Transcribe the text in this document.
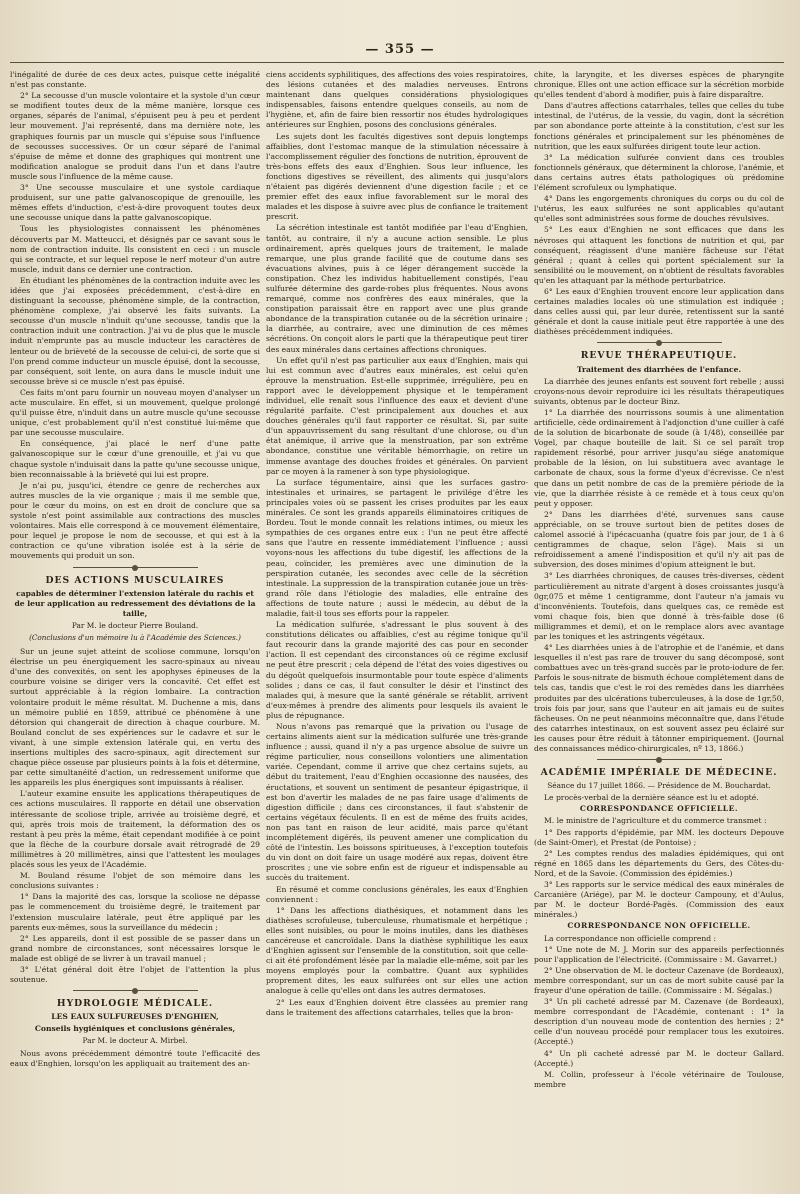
— 355 —

l'inégalité de durée de ces deux actes, puisque cette inégalité n'est pas constante.

2° La secousse d'un muscle volontaire et la systole d'un cœur se modifient toutes deux de la même manière, lorsque ces organes, séparés de l'animal, s'épuisent peu à peu et perdent leur mouvement. J'ai représenté, dans ma dernière note, les graphiques fournis par un muscle qui s'épuise sous l'influence de secousses successives. Or un cœur séparé de l'animal s'épuise de même et donne des graphiques qui montrent une modification analogue se produit dans l'un et dans l'autre muscle sous l'influence de la même cause.

3° Une secousse musculaire et une systole cardiaque produisent, sur une patte galvanoscopique de grenouille, les mêmes effets d'induction, c'est-à-dire provoquent toutes deux une secousse unique dans la patte galvanoscopique.

Tous les physiologistes connaissent les phénomènes découverts par M. Matteucci, et désignés par ce savant sous le nom de contraction induite. Ils consistent en ceci : un muscle qui se contracte, et sur lequel repose le nerf moteur d'un autre muscle, induit dans ce dernier une contraction.

En étudiant les phénomènes de la contraction induite avec les idées que j'ai exposées précédemment, c'est-à-dire en distinguant la secousse, phénomène simple, de la contraction, phénomène complexe, j'ai observé les faits suivants. La secousse d'un muscle n'induit qu'une secousse, tandis que la contraction induit une contraction. J'ai vu de plus que le muscle induit n'emprunte pas au muscle inducteur les caractères de lenteur ou de brièveté de la secousse de celui-ci, de sorte que si l'on prend comme inducteur un muscle épuisé, dont la secousse, par conséquent, soit lente, on aura dans le muscle induit une secousse brève si ce muscle n'est pas épuisé.

Ces faits m'ont paru fournir un nouveau moyen d'analyser un acte musculaire. En effet, si un mouvement, quelque prolongé qu'il puisse être, n'induit dans un autre muscle qu'une secousse unique, c'est probablement qu'il n'est constitué lui-même que par une secousse musculaire.

En conséquence, j'ai placé le nerf d'une patte galvanoscopique sur le cœur d'une grenouille, et j'ai vu que chaque systole n'induisait dans la patte qu'une secousse unique, bien reconnaissable à la brièveté qui lui est propre.

Je n'ai pu, jusqu'ici, étendre ce genre de recherches aux autres muscles de la vie organique ; mais il me semble que, pour le cœur du moins, on est en droit de conclure que sa systole n'est point assimilable aux contractions des muscles volontaires. Mais elle correspond à ce mouvement élémentaire, pour lequel je propose le nom de secousse, et qui est à la contraction ce qu'une vibration isolée est à la série de mouvements qui produit un son.

DES ACTIONS MUSCULAIRES
capables de déterminer l'extension latérale du rachis et de leur application au redressement des déviations de la taille,
Par M. le docteur Pierre Bouland.
(Conclusions d'un mémoire lu à l'Académie des Sciences.)

Sur un jeune sujet atteint de scoliose commune, lorsqu'on électrise un peu énergiquement les sacro-spinaux au niveau d'une des convexités, on sent les apophyses épineuses de la courbure voisine se diriger vers la concavité. Cet effet est surtout appréciable à la région lombaire. La contraction volontaire produit le même résultat. M. Duchenne a mis, dans un mémoire publié en 1859, attribué ce phénomène à une détorsion qui changerait de direction à chaque courbure. M. Bouland conclut de ses expériences sur le cadavre et sur le vivant, à une simple extension latérale qui, en vertu des insertions multiples des sacro-spinaux, agit directement sur chaque pièce osseuse par plusieurs points à la fois et détermine, par cette simultanéité d'action, un redressement uniforme que les appareils les plus énergiques sont impuissants à réaliser.

L'auteur examine ensuite les applications thérapeutiques de ces actions musculaires. Il rapporte en détail une observation intéressante de scoliose triple, arrivée au troisième degré, et qui, après trois mois de traitement, la déformation des os restant à peu près la même, était cependant modifiée à ce point que la flèche de la courbure dorsale avait rétrogradé de 29 millimètres à 20 millimètres, ainsi que l'attestent les moulages placés sous les yeux de l'Académie.

M. Bouland résume l'objet de son mémoire dans les conclusions suivantes :

1° Dans la majorité des cas, lorsque la scoliose ne dépasse pas le commencement du troisième degré, le traitement par l'extension musculaire latérale, peut être appliqué par les parents eux-mêmes, sous la surveillance du médecin ;

2° Les appareils, dont il est possible de se passer dans un grand nombre de circonstances, sont nécessaires lorsque le malade est obligé de se livrer à un travail manuel ;

3° L'état général doit être l'objet de l'attention la plus soutenue.

HYDROLOGIE MÉDICALE.
LES EAUX SULFUREUSES D'ENGHIEN,
Conseils hygiéniques et conclusions générales,
Par M. le docteur A. Mirbel.

Nous avons précédemment démontré toute l'efficacité des eaux d'Enghien, lorsqu'on les appliquait au traitement des an-

ciens accidents syphilitiques, des affections des voies respiratoires, des lésions cutanées et des maladies nerveuses. Entrons maintenant dans quelques considérations physiologiques indispensables, faisons entendre quelques conseils, au nom de l'hygiène, et, afin de faire bien ressortir nos études hydrologiques antérieures sur Enghien, posons des conclusions générales.

Les sujets dont les facultés digestives sont depuis longtemps affaiblies, dont l'estomac manque de la stimulation nécessaire à l'accomplissement régulier des fonctions de nutrition, éprouvent de très-bons effets des eaux d'Enghien. Sous leur influence, les fonctions digestives se réveillent, des aliments qui jusqu'alors n'étaient pas digérés deviennent d'une digestion facile ; et ce premier effet des eaux influe favorablement sur le moral des malades et les dispose à suivre avec plus de confiance le traitement prescrit.

La sécrétion intestinale est tantôt modifiée par l'eau d'Enghien, tantôt, au contraire, il n'y a aucune action sensible. Le plus ordinairement, après quelques jours de traitement, le malade remarque, une plus grande facilité que de coutume dans ses évacuations alvines, puis à ce léger dérangement succède la constipation. Chez les individus habituellement constipés, l'eau sulfurée détermine des garde-robes plus fréquentes. Nous avons remarqué, comme nos confrères des eaux minérales, que la constipation paraissait être en rapport avec une plus grande abondance de la transpiration cutanée ou de la sécrétion urinaire ; la diarrhée, au contraire, avec une diminution de ces mêmes sécrétions. On conçoit alors le parti que la thérapeutique peut tirer des eaux minérales dans certaines affections chroniques.

Un effet qu'il n'est pas particulier aux eaux d'Enghien, mais qui lui est commun avec d'autres eaux minérales, est celui qu'en éprouve la menstruation. Est-elle supprimée, irrégulière, peu en rapport avec le développement physique et le tempérament individuel, elle renaît sous l'influence des eaux et devient d'une régularité parfaite. C'est principalement aux douches et aux douches générales qu'il faut rapporter ce résultat. Si, par suite d'un appauvrissement du sang résultant d'une chlorose, ou d'un état anémique, il arrive que la menstruation, par son extrême abondance, constitue une véritable hémorrhagie, on retire un immense avantage des douches froides et générales. On parvient par ce moyen à la ramener à son type physiologique.

La surface tégumentaire, ainsi que les surfaces gastro-intestinales et urinaires, se partagent le privilége d'être les principales voies où se passent les crises produites par les eaux minérales. Ce sont les grands appareils éliminatoires critiques de Bordeu. Tout le monde connaît les relations intimes, ou mieux les sympathies de ces organes entre eux : l'un ne peut être affecté sans que l'autre en ressente immédiatement l'influence ; aussi voyons-nous les affections du tube digestif, les affections de la peau, coïncider, les premières avec une diminution de la perspiration cutanée, les secondes avec celle de la sécrétion intestinale. La suppression de la transpiration cutanée joue un très-grand rôle dans l'étiologie des maladies, elle entraîne des affections de toute nature ; aussi le médecin, au début de la maladie, fait-il tous ses efforts pour la rappeler.

La médication sulfurée, s'adressant le plus souvent à des constitutions délicates ou affaiblies, c'est au régime tonique qu'il faut recourir dans la grande majorité des cas pour en seconder l'action. Il est cependant des circonstances où ce régime exclusif ne peut être prescrit ; cela dépend de l'état des voies digestives ou du dégoût quelquefois insurmontable pour toute espèce d'aliments solides ; dans ce cas, il faut consulter le désir et l'instinct des malades qui, à mesure que la santé générale se rétablit, arrivent d'eux-mêmes à prendre des aliments pour lesquels ils avaient le plus de répugnance.

Nous n'avons pas remarqué que la privation ou l'usage de certains aliments aient sur la médication sulfurée une très-grande influence ; aussi, quand il n'y a pas urgence absolue de suivre un régime particulier, nous conseillons volontiers une alimentation variée. Cependant, comme il arrive que chez certains sujets, au début du traitement, l'eau d'Enghien occasionne des nausées, des éructations, et souvent un sentiment de pesanteur épigastrique, il est bon d'avertir les malades de ne pas faire usage d'aliments de digestion difficile ; dans ces circonstances, il faut s'abstenir de certains végétaux féculents. Il en est de même des fruits acides, non pas tant en raison de leur acidité, mais parce qu'étant incomplétement digérés, ils peuvent amener une complication du côté de l'intestin. Les boissons spiritueuses, à l'exception toutefois du vin dont on doit faire un usage modéré aux repas, doivent être proscrites ; une vie sobre enfin est de rigueur et indispensable au succès du traitement.

En résumé et comme conclusions générales, les eaux d'Enghien conviennent :

1° Dans les affections diathésiques, et notamment dans les diathèses scrofuleuse, tuberculeuse, rhumatismale et herpétique ; elles sont nuisibles, ou pour le moins inutiles, dans les diathèses cancéreuse et cancroïdale. Dans la diathèse syphilitique les eaux d'Enghien agissent sur l'ensemble de la constitution, soit que celle-ci ait été profondément lésée par la maladie elle-même, soit par les moyens employés pour la combattre. Quant aux syphilides proprement dites, les eaux sulfurées ont sur elles une action analogue à celle qu'elles ont dans les autres dermatoses.

2° Les eaux d'Enghien doivent être classées au premier rang dans le traitement des affections catarrhales, telles que la bron-

chite, la laryngite, et les diverses espèces de pharyngite chronique. Elles ont une action efficace sur la sécrétion morbide qu'elles tendent d'abord à modifier, puis à faire disparaître.

Dans d'autres affections catarrhales, telles que celles du tube intestinal, de l'utérus, de la vessie, du vagin, dont la sécrétion par son abondance porte atteinte à la constitution, c'est sur les fonctions générales et principalement sur les phénomènes de nutrition, que les eaux sulfurées dirigent toute leur action.

3° La médication sulfurée convient dans ces troubles fonctionnels généraux, que déterminent la chlorose, l'anémie, et dans certains autres états pathologiques où prédomine l'élément scrofuleux ou lymphatique.

4° Dans les engorgements chroniques du corps ou du col de l'utérus, les eaux sulfurées ne sont applicables qu'autant qu'elles sont administrées sous forme de douches révulsives.

5° Les eaux d'Enghien ne sont efficaces que dans les névroses qui attaquent les fonctions de nutrition et qui, par conséquent, réagissent d'une manière fâcheuse sur l'état général ; quant à celles qui portent spécialement sur la sensibilité ou le mouvement, on n'obtient de résultats favorables qu'en les attaquant par la méthode perturbatrice.

6° Les eaux d'Enghien trouvent encore leur application dans certaines maladies locales où une stimulation est indiquée ; dans celles aussi qui, par leur durée, retentissent sur la santé générale et dont la cause initiale peut être rapportée à une des diathèses précédemment indiquées.

REVUE THÉRAPEUTIQUE.
Traitement des diarrhées de l'enfance.

La diarrhée des jeunes enfants est souvent fort rebelle ; aussi croyons-nous devoir reproduire ici les résultats thérapeutiques suivants, obtenus par le docteur Binz.

1° La diarrhée des nourrissons soumis à une alimentation artificielle, cède ordinairement à l'adjonction d'une cuiller à café de la solution de bicarbonate de soude (à 1/48), conseillée par Vogel, par chaque bouteille de lait. Si ce sel paraît trop rapidement résorbé, pour arriver jusqu'au siége anatomique probable de la lésion, on lui substituera avec avantage le carbonate de chaux, sous la forme d'yeux d'écrevisse. Ce n'est que dans un petit nombre de cas de la première période de la vie, que la diarrhée résiste à ce remède et à tous ceux qu'on peut y opposer.

2° Dans les diarrhées d'été, survenues sans cause appréciable, on se trouve surtout bien de petites doses de calomel associé à l'ipécacuanha (quatre fois par jour, de 1 à 6 centigrammes de chaque, selon l'âge). Mais si un refroidissement a amené l'indisposition et qu'il n'y ait pas de subversion, des doses minimes d'opium atteignent le but.

3° Les diarrhées chroniques, de causes très-diverses, cèdent particulièrement au nitrate d'argent à doses croissantes jusqu'à 0gr,075 et même 1 centigramme, dont l'auteur n'a jamais vu d'inconvénients. Toutefois, dans quelques cas, ce remède est vomi chaque fois, bien que donné à très-faible dose (6 milligrammes et demi), et on le remplace alors avec avantage par les toniques et les astringents végétaux.

4° Les diarrhées unies à de l'atrophie et de l'anémie, et dans lesquelles il n'est pas rare de trouver du sang décomposé, sont combattues avec un très-grand succès par le proto-iodure de fer. Parfois le sous-nitrate de bismuth échoue complétement dans de tels cas, tandis que c'est le roi des remèdes dans les diarrhées produites par des ulcérations tuberculeuses, à la dose de 1gr,50, trois fois par jour, sans que l'auteur en ait jamais eu de suites fâcheuses. On ne peut néanmoins méconnaître que, dans l'étude des catarrhes intestinaux, on est souvent assez peu éclairé sur les causes pour être réduit à tâtonner empiriquement. (Journal des connaissances médico-chirurgicales, nº 13, 1866.)

ACADÉMIE IMPÉRIALE DE MÉDECINE.
Séance du 17 juillet 1866. — Présidence de M. Bouchardat.

Le procès-verbal de la dernière séance est lu et adopté.

CORRESPONDANCE OFFICIELLE.

M. le ministre de l'agriculture et du commerce transmet :

1° Des rapports d'épidémie, par MM. les docteurs Depouve (de Saint-Omer), et Prestat (de Pontoise) ;

2° Les comptes rendus des maladies épidémiques, qui ont régné en 1865 dans les départements du Gers, des Côtes-du-Nord, et de la Savoie. (Commission des épidémies.)

3° Les rapports sur le service médical des eaux minérales de Carcanière (Ariége), par M. le docteur Campouny, et d'Aulus, par M. le docteur Bordé-Pagès. (Commission des eaux minérales.)

CORRESPONDANCE NON OFFICIELLE.

La correspondance non officielle comprend :

1° Une note de M. J. Morin sur des appareils perfectionnés pour l'application de l'électricité. (Commissaire : M. Gavarret.)

2° Une observation de M. le docteur Cazenave (de Bordeaux), membre correspondant, sur un cas de mort subite causé par la frayeur d'une opération de taille. (Commissaire : M. Ségalas.)

3° Un pli cacheté adressé par M. Cazenave (de Bordeaux), membre correspondant de l'Académie, contenant : 1° la description d'un nouveau mode de contention des hernies ; 2° celle d'un nouveau procédé pour remplacer tous les exutoires. (Accepté.)

4° Un pli cacheté adressé par M. le docteur Gallard. (Accepté.)

M. Collin, professeur à l'école vétérinaire de Toulouse, membre
